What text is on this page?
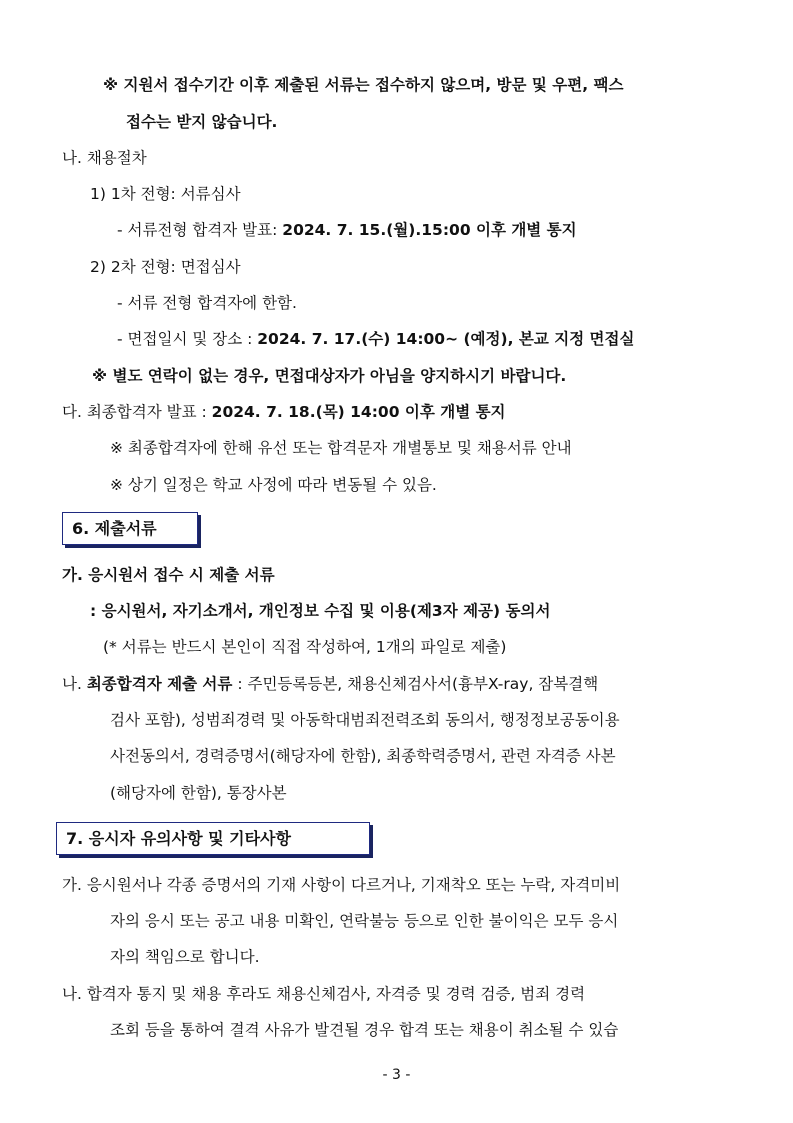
※ 지원서 접수기간 이후 제출된 서류는 접수하지 않으며, 방문 및 우편, 팩스
접수는 받지 않습니다.
나. 채용절차
1) 1차 전형: 서류심사
- 서류전형 합격자 발표: 2024. 7. 15.(월).15:00 이후 개별 통지
2) 2차 전형: 면접심사
- 서류 전형 합격자에 한함.
- 면접일시 및 장소 : 2024. 7. 17.(수) 14:00~ (예정), 본교 지정 면접실
※ 별도 연락이 없는 경우, 면접대상자가 아님을 양지하시기 바랍니다.
다. 최종합격자 발표 : 2024. 7. 18.(목) 14:00 이후 개별 통지
※ 최종합격자에 한해 유선 또는 합격문자 개별통보 및 채용서류 안내
※ 상기 일정은 학교 사정에 따라 변동될 수 있음.
6. 제출서류
가. 응시원서 접수 시 제출 서류
: 응시원서, 자기소개서, 개인정보 수집 및 이용(제3자 제공) 동의서
(* 서류는 반드시 본인이 직접 작성하여, 1개의 파일로 제출)
나. 최종합격자 제출 서류 : 주민등록등본, 채용신체검사서(흉부X-ray, 잠복결핵
검사 포함), 성범죄경력 및 아동학대범죄전력조회 동의서, 행정정보공동이용
사전동의서, 경력증명서(해당자에 한함), 최종학력증명서, 관련 자격증 사본
(해당자에 한함), 통장사본
7. 응시자 유의사항 및 기타사항
가. 응시원서나 각종 증명서의 기재 사항이 다르거나, 기재착오 또는 누락, 자격미비
자의 응시 또는 공고 내용 미확인, 연락불능 등으로 인한 불이익은 모두 응시
자의 책임으로 합니다.
나. 합격자 통지 및 채용 후라도 채용신체검사, 자격증 및 경력 검증, 범죄 경력
조회 등을 통하여 결격 사유가 발견될 경우 합격 또는 채용이 취소될 수 있습
- 3 -
